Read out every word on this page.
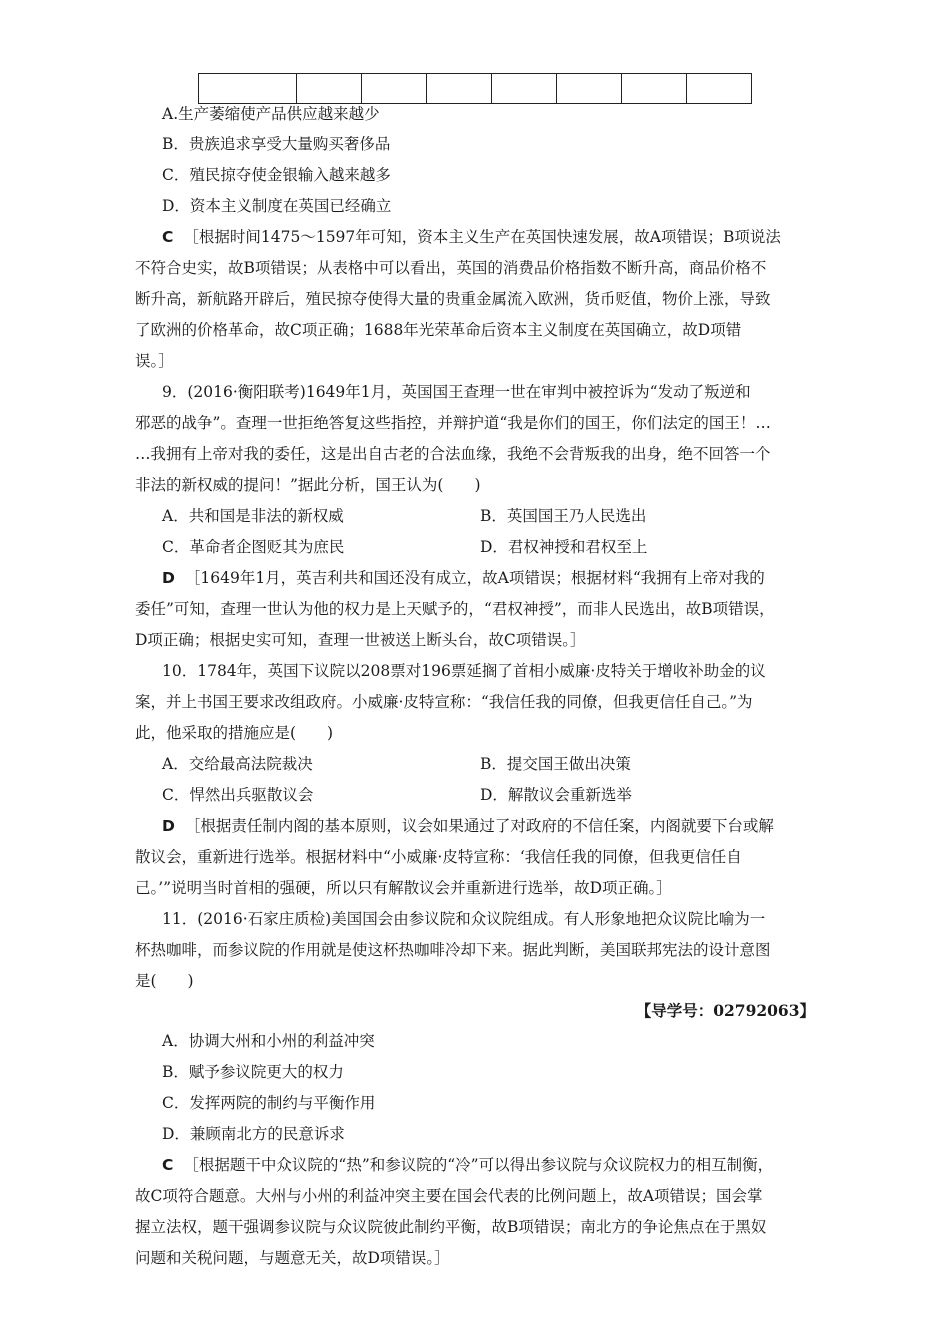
A.生产萎缩使产品供应越来越少
B．贵族追求享受大量购买奢侈品
C．殖民掠夺使金银输入越来越多
D．资本主义制度在英国已经确立
C ［根据时间1475～1597年可知，资本主义生产在英国快速发展，故A项错误；B项说法
不符合史实，故B项错误；从表格中可以看出，英国的消费品价格指数不断升高，商品价格不
断升高，新航路开辟后，殖民掠夺使得大量的贵重金属流入欧洲，货币贬值，物价上涨，导致
了欧洲的价格革命，故C项正确；1688年光荣革命后资本主义制度在英国确立，故D项错
误。］
9．(2016·衡阳联考)1649年1月，英国国王查理一世在审判中被控诉为“发动了叛逆和
邪恶的战争”。查理一世拒绝答复这些指控，并辩护道“我是你们的国王，你们法定的国王！…
…我拥有上帝对我的委任，这是出自古老的合法血缘，我绝不会背叛我的出身，绝不回答一个
非法的新权威的提问！”据此分析，国王认为(　　)
A．共和国是非法的新权威	B．英国国王乃人民选出
C．革命者企图贬其为庶民	D．君权神授和君权至上
D ［1649年1月，英吉利共和国还没有成立，故A项错误；根据材料“我拥有上帝对我的
委任”可知，查理一世认为他的权力是上天赋予的，“君权神授”，而非人民选出，故B项错误，
D项正确；根据史实可知，查理一世被送上断头台，故C项错误。］
10．1784年，英国下议院以208票对196票延搁了首相小威廉·皮特关于增收补助金的议
案，并上书国王要求改组政府。小威廉·皮特宣称：“我信任我的同僚，但我更信任自己。”为
此，他采取的措施应是(　　)
A．交给最高法院裁决	B．提交国王做出决策
C．悍然出兵驱散议会	D．解散议会重新选举
D ［根据责任制内阁的基本原则，议会如果通过了对政府的不信任案，内阁就要下台或解
散议会，重新进行选举。根据材料中“小威廉·皮特宣称：‘我信任我的同僚，但我更信任自
己。’”说明当时首相的强硬，所以只有解散议会并重新进行选举，故D项正确。］
11．(2016·石家庄质检)美国国会由参议院和众议院组成。有人形象地把众议院比喻为一
杯热咖啡，而参议院的作用就是使这杯热咖啡冷却下来。据此判断，美国联邦宪法的设计意图
是(　　)
【导学号：02792063】
A．协调大州和小州的利益冲突
B．赋予参议院更大的权力
C．发挥两院的制约与平衡作用
D．兼顾南北方的民意诉求
C ［根据题干中众议院的“热”和参议院的“冷”可以得出参议院与众议院权力的相互制衡，
故C项符合题意。大州与小州的利益冲突主要在国会代表的比例问题上，故A项错误；国会掌
握立法权，题干强调参议院与众议院彼此制约平衡，故B项错误；南北方的争论焦点在于黑奴
问题和关税问题，与题意无关，故D项错误。］
